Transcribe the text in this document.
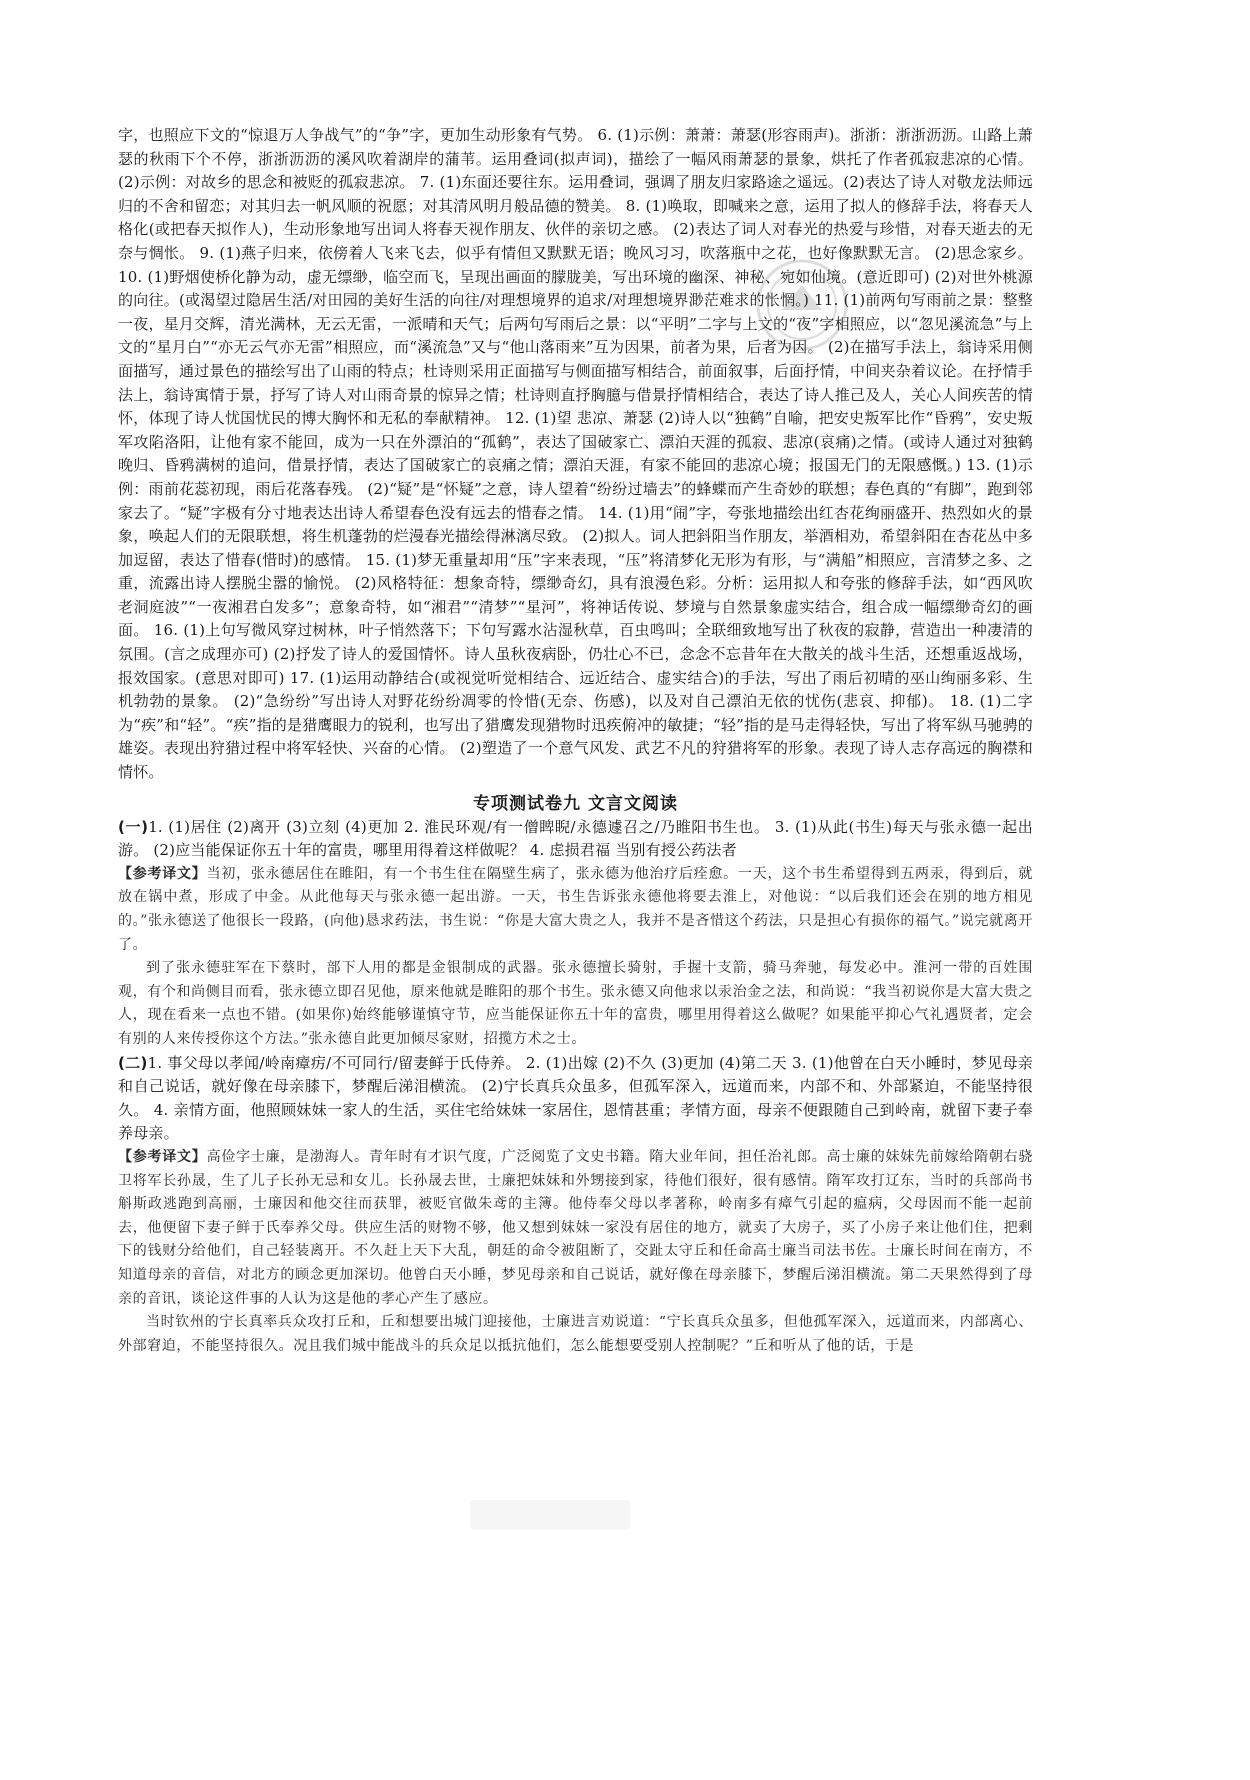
字，也照应下文的“惊退万人争战气”的“争”字，更加生动形象有气势。 6. (1)示例：萧萧：萧瑟(形容雨声)。浙浙：浙浙沥沥。山路上萧瑟的秋雨下个不停，浙浙沥沥的溪风吹着湖岸的蒲苇。运用叠词(拟声词)，描绘了一幅风雨萧瑟的景象，烘托了作者孤寂悲凉的心情。 (2)示例：对故乡的思念和被贬的孤寂悲凉。 7. (1)东面还要往东。运用叠词，强调了朋友归家路途之遥远。(2)表达了诗人对敬龙法师远归的不舍和留恋；对其归去一帆风顺的祝愿；对其清风明月般品德的赞美。 8. (1)唤取，即喊来之意，运用了拟人的修辞手法，将春天人格化(或把春天拟作人)，生动形象地写出词人将春天视作朋友、伙伴的亲切之感。 (2)表达了词人对春光的热爱与珍惜，对春天逝去的无奈与惆怅。 9. (1)燕子归来，依傍着人飞来飞去，似乎有情但又默默无语；晚风习习，吹落瓶中之花，也好像默默无言。 (2)思念家乡。 10. (1)野烟使桥化静为动，虚无缥缈，临空而飞，呈现出画面的朦胧美，写出环境的幽深、神秘、宛如仙境。(意近即可) (2)对世外桃源的向往。(或渴望过隐居生活/对田园的美好生活的向往/对理想境界的追求/对理想境界渺茫难求的怅惘。) 11. (1)前两句写雨前之景：整整一夜，星月交辉，清光满林，无云无雷，一派晴和天气；后两句写雨后之景：以“平明”二字与上文的“夜”字相照应，以“忽见溪流急”与上文的“星月白”“亦无云气亦无雷”相照应，而“溪流急”又与“他山落雨来”互为因果，前者为果，后者为因。 (2)在描写手法上，翁诗采用侧面描写，通过景色的描绘写出了山雨的特点；杜诗则采用正面描写与侧面描写相结合，前面叙事，后面抒情，中间夹杂着议论。在抒情手法上，翁诗寓情于景，抒写了诗人对山雨奇景的惊异之情；杜诗则直抒胸臆与借景抒情相结合，表达了诗人推己及人，关心人间疾苦的情怀，体现了诗人忧国忧民的博大胸怀和无私的奉献精神。 12. (1)望 悲凉、萧瑟 (2)诗人以“独鹤”自喻，把安史叛军比作“昏鸦”，安史叛军攻陷洛阳，让他有家不能回，成为一只在外漂泊的“孤鹤”，表达了国破家亡、漂泊天涯的孤寂、悲凉(哀痛)之情。(或诗人通过对独鹤晚归、昏鸦满树的追问，借景抒情，表达了国破家亡的哀痛之情；漂泊天涯，有家不能回的悲凉心境；报国无门的无限感慨。) 13. (1)示例：雨前花蕊初现，雨后花落春残。 (2)“疑”是“怀疑”之意，诗人望着“纷纷过墙去”的蜂蝶而产生奇妙的联想；春色真的“有脚”，跑到邻家去了。“疑”字极有分寸地表达出诗人希望春色没有远去的惜春之情。 14. (1)用“闹”字，夸张地描绘出红杏花绚丽盛开、热烈如火的景象，唤起人们的无限联想，将生机蓬勃的烂漫春光描绘得淋漓尽致。 (2)拟人。词人把斜阳当作朋友，举酒相劝，希望斜阳在杏花丛中多加逗留，表达了惜春(惜时)的感情。 15. (1)梦无重量却用“压”字来表现，“压”将清梦化无形为有形，与“满船”相照应，言清梦之多、之重，流露出诗人摆脱尘嚣的愉悦。 (2)风格特征：想象奇特，缥缈奇幻，具有浪漫色彩。分析：运用拟人和夸张的修辞手法，如“西风吹老洞庭波”“一夜湘君白发多”；意象奇特，如“湘君”“清梦”“星河”，将神话传说、梦境与自然景象虚实结合，组合成一幅缥缈奇幻的画面。 16. (1)上句写微风穿过树林，叶子悄然落下；下句写露水沾湿秋草，百虫鸣叫；全联细致地写出了秋夜的寂静，营造出一种凄清的氛围。(言之成理亦可) (2)抒发了诗人的爱国情怀。诗人虽秋夜病卧，仍壮心不已，念念不忘昔年在大散关的战斗生活，还想重返战场，报效国家。(意思对即可) 17. (1)运用动静结合(或视觉听觉相结合、远近结合、虚实结合)的手法，写出了雨后初晴的巫山绚丽多彩、生机勃勃的景象。 (2)“急纷纷”写出诗人对野花纷纷凋零的怜惜(无奈、伤感)，以及对自己漂泊无依的忧伤(悲哀、抑郁)。 18. (1)二字为“疾”和“轻”。“疾”指的是猎鹰眼力的锐利，也写出了猎鹰发现猎物时迅疾俯冲的敏捷；“轻”指的是马走得轻快，写出了将军纵马驰骋的雄姿。表现出狩猎过程中将军轻快、兴奋的心情。 (2)塑造了一个意气风发、武艺不凡的狩猎将军的形象。表现了诗人志存高远的胸襟和情怀。

专项测试卷九 文言文阅读

(一)1. (1)居住 (2)离开 (3)立刻 (4)更加 2. 淮民环观/有一僧睥睨/永德遽召之/乃睢阳书生也。 3. (1)从此(书生)每天与张永德一起出游。 (2)应当能保证你五十年的富贵，哪里用得着这样做呢？ 4. 虑损君福 当别有授公药法者

【参考译文】当初，张永德居住在睢阳，有一个书生住在隔壁生病了，张永德为他治疗后痊愈。一天，这个书生希望得到五两汞，得到后，就放在锅中煮，形成了中金。从此他每天与张永德一起出游。一天，书生告诉张永德他将要去淮上，对他说：“以后我们还会在别的地方相见的。”张永德送了他很长一段路，(向他)恳求药法，书生说：“你是大富大贵之人，我并不是吝惜这个药法，只是担心有损你的福气。”说完就离开了。

到了张永德驻军在下蔡时，部下人用的都是金银制成的武器。张永德擅长骑射，手握十支箭，骑马奔驰，每发必中。淮河一带的百姓围观，有个和尚侧目而看，张永德立即召见他，原来他就是睢阳的那个书生。张永德又向他求以汞治金之法，和尚说：“我当初说你是大富大贵之人，现在看来一点也不错。(如果你)始终能够谨慎守节，应当能保证你五十年的富贵，哪里用得着这么做呢？如果能平抑心气礼遇贤者，定会有别的人来传授你这个方法。”张永德自此更加倾尽家财，招揽方术之士。

(二)1. 事父母以孝闻/岭南瘴疠/不可同行/留妻鲜于氏侍养。 2. (1)出嫁 (2)不久 (3)更加 (4)第二天 3. (1)他曾在白天小睡时，梦见母亲和自己说话，就好像在母亲膝下，梦醒后涕泪横流。 (2)宁长真兵众虽多，但孤军深入，远道而来，内部不和、外部紧迫，不能坚持很久。 4. 亲情方面，他照顾妹妹一家人的生活，买住宅给妹妹一家居住，恩情甚重；孝情方面，母亲不便跟随自己到岭南，就留下妻子奉养母亲。

【参考译文】高俭字士廉，是渤海人。青年时有才识气度，广泛阅览了文史书籍。隋大业年间，担任治礼郎。高士廉的妹妹先前嫁给隋朝右骁卫将军长孙晟，生了儿子长孙无忌和女儿。长孙晟去世，士廉把妹妹和外甥接到家，待他们很好，很有感情。隋军攻打辽东，当时的兵部尚书斛斯政逃跑到高丽，士廉因和他交往而获罪，被贬官做朱鸢的主簿。他侍奉父母以孝著称，岭南多有瘴气引起的瘟病，父母因而不能一起前去，他便留下妻子鲜于氏奉养父母。供应生活的财物不够，他又想到妹妹一家没有居住的地方，就卖了大房子，买了小房子来让他们住，把剩下的钱财分给他们，自己轻装离开。不久赶上天下大乱，朝廷的命令被阻断了，交趾太守丘和任命高士廉当司法书佐。士廉长时间在南方，不知道母亲的音信，对北方的顾念更加深切。他曾白天小睡，梦见母亲和自己说话，就好像在母亲膝下，梦醒后涕泪横流。第二天果然得到了母亲的音讯，谈论这件事的人认为这是他的孝心产生了感应。

当时钦州的宁长真率兵众攻打丘和，丘和想要出城门迎接他，士廉进言劝说道：“宁长真兵众虽多，但他孤军深入，远道而来，内部离心、外部窘迫，不能坚持很久。况且我们城中能战斗的兵众足以抵抗他们，怎么能想要受别人控制呢？”丘和听从了他的话，于是
